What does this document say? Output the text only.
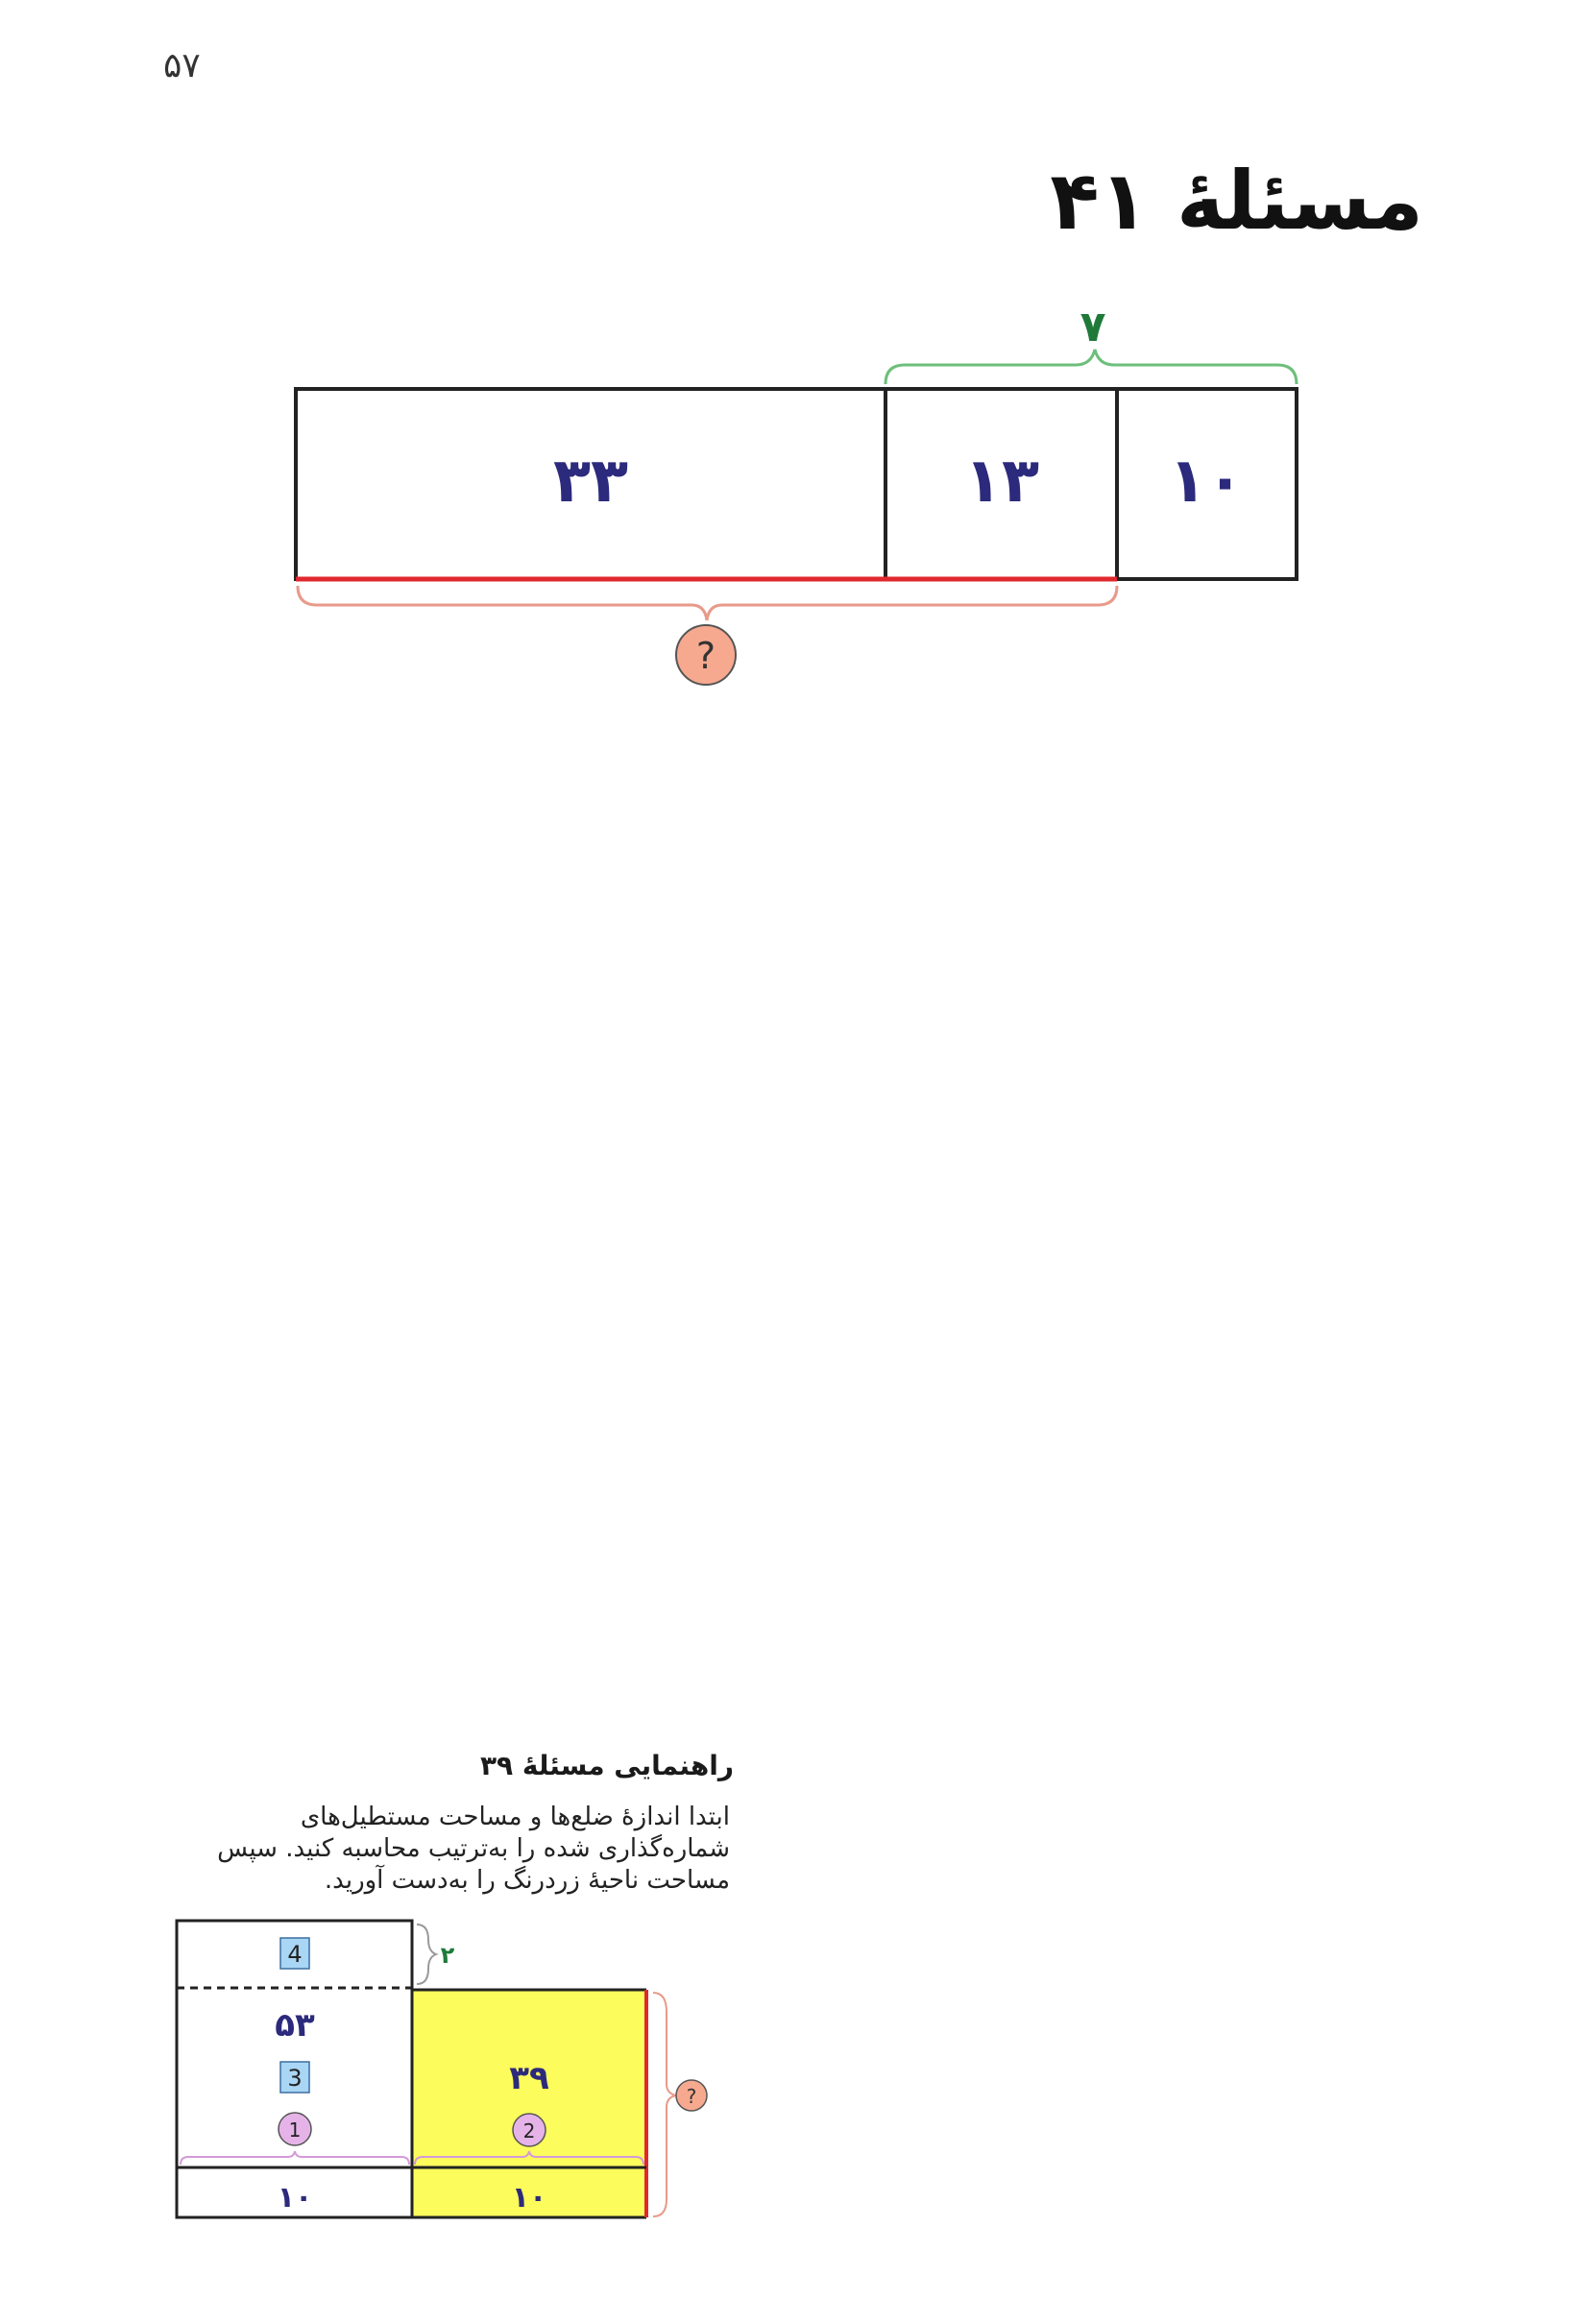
۵۷
مسئلهٔ ۴۱
۷
۳۳	۱۳ ۱۰
?
راهنمایی مسئلهٔ ۳۹
ابتدا اندازهٔ ضلع‌ها و مساحت مستطیل‌های
شماره‌گذاری شده را به‌ترتیب محاسبه کنید. سپس
مساحت ناحیهٔ زردرنگ را به‌دست آورید.
4	۲
۵۳
3
1
۳۹
2
۱۰	۱۰
?
